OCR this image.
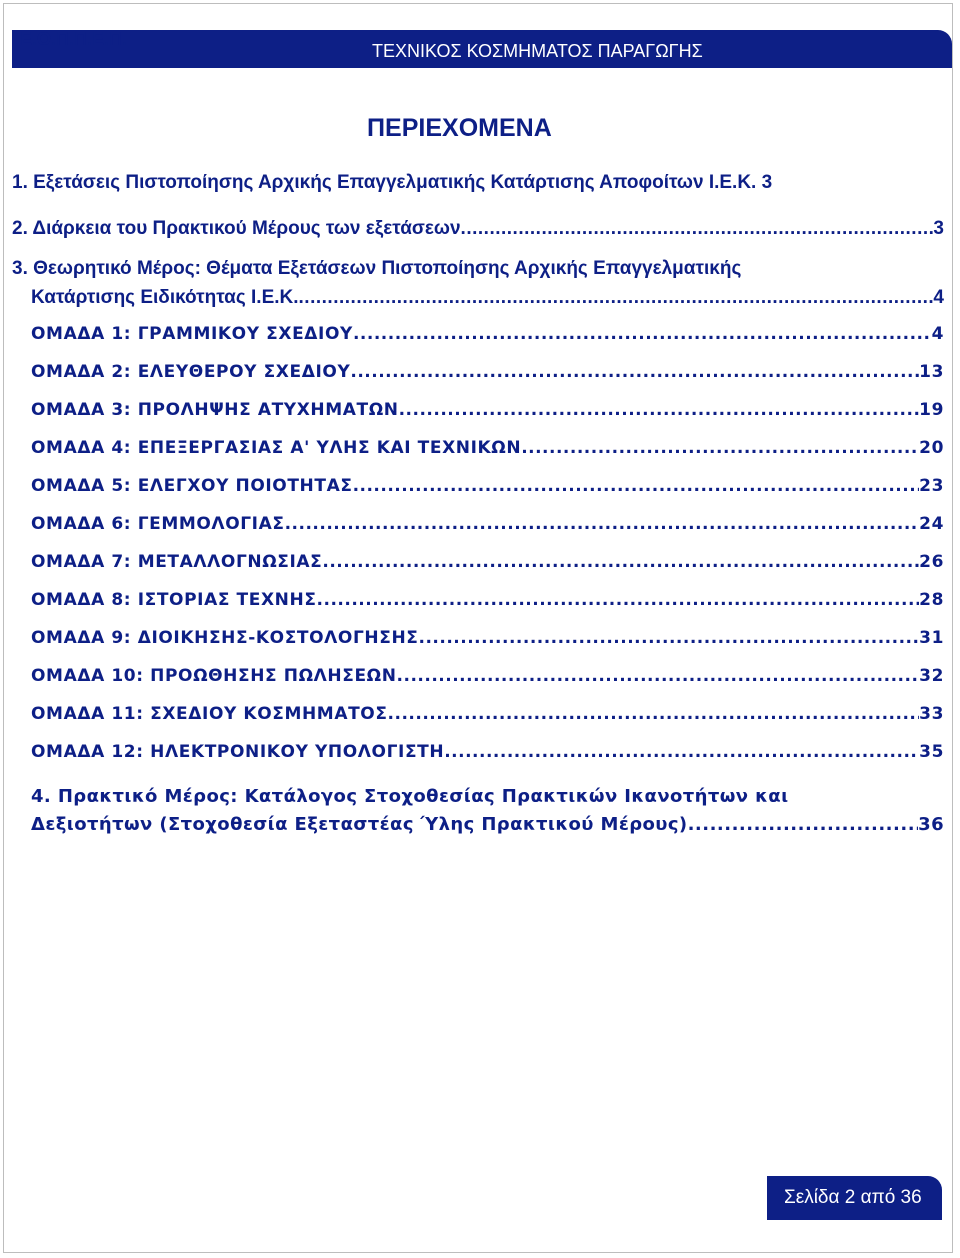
Ε.Ο.Π.Π.Ε.Π.
ΤΕΧΝΙΚΟΣ ΚΟΣΜΗΜΑΤΟΣ ΠΑΡΑΓΩΓΗΣ
ΠΕΡΙΕΧΟΜΕΝΑ
1. Εξετάσεις Πιστοποίησης Αρχικής Επαγγελματικής Κατάρτισης Αποφοίτων Ι.Ε.Κ. 3
2. Διάρκεια του Πρακτικού Μέρους των εξετάσεων .....	3
3. Θεωρητικό Μέρος: Θέματα Εξετάσεων Πιστοποίησης Αρχικής Επαγγελματικής
Κατάρτισης Ειδικότητας Ι.Ε.Κ. .....	4
ΟΜΑΔΑ 1: ΓΡΑΜΜΙΚΟΥ ΣΧΕΔΙΟΥ .....	4
ΟΜΑΔΑ 2: ΕΛΕΥΘΕΡΟΥ ΣΧΕΔΙΟΥ .....	13
ΟΜΑΔΑ 3: ΠΡΟΛΗΨΗΣ ΑΤΥΧΗΜΑΤΩΝ .....	19
ΟΜΑΔΑ 4: ΕΠΕΞΕΡΓΑΣΙΑΣ Α' ΥΛΗΣ ΚΑΙ ΤΕΧΝΙΚΩΝ .....	20
ΟΜΑΔΑ 5: ΕΛΕΓΧΟΥ ΠΟΙΟΤΗΤΑΣ .....	23
ΟΜΑΔΑ 6: ΓΕΜΜΟΛΟΓΙΑΣ .....	24
ΟΜΑΔΑ 7: ΜΕΤΑΛΛΟΓΝΩΣΙΑΣ .....	26
ΟΜΑΔΑ 8: ΙΣΤΟΡΙΑΣ ΤΕΧΝΗΣ .....	28
ΟΜΑΔΑ 9: ΔΙΟΙΚΗΣΗΣ-ΚΟΣΤΟΛΟΓΗΣΗΣ .....	31
ΟΜΑΔΑ 10: ΠΡΟΩΘΗΣΗΣ ΠΩΛΗΣΕΩΝ .....	32
ΟΜΑΔΑ 11: ΣΧΕΔΙΟΥ ΚΟΣΜΗΜΑΤΟΣ .....	33
ΟΜΑΔΑ 12: ΗΛΕΚΤΡΟΝΙΚΟΥ ΥΠΟΛΟΓΙΣΤΗ .....	35
4. Πρακτικό Μέρος: Κατάλογος Στοχοθεσίας Πρακτικών Ικανοτήτων και
Δεξιοτήτων (Στοχοθεσία Εξεταστέας Ύλης Πρακτικού Μέρους) .....	36
Σελίδα 2 από 36
